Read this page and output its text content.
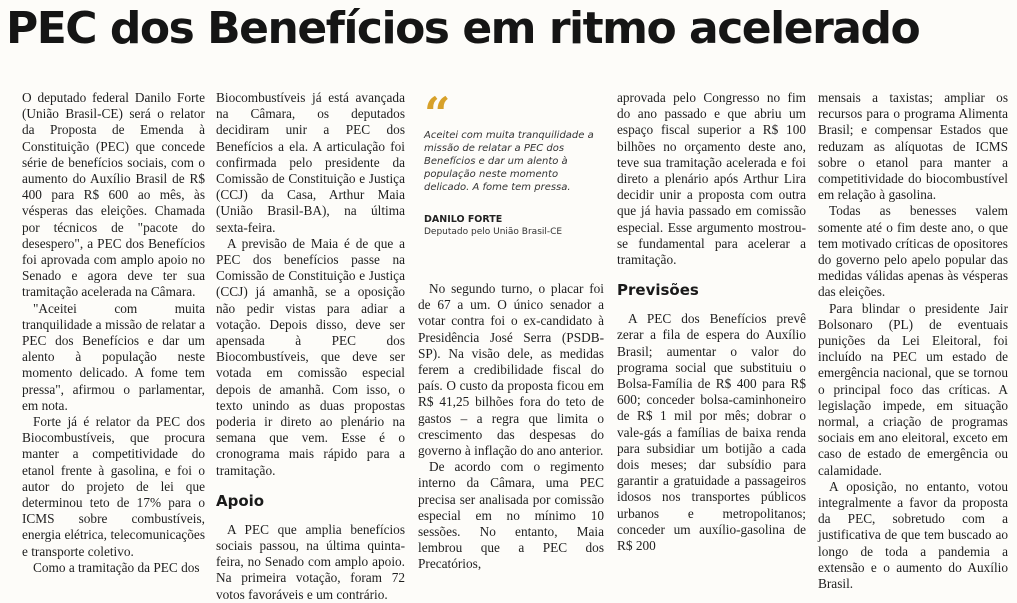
PEC dos Benefícios em ritmo acelerado

O deputado federal Danilo Forte (União Brasil-CE) será o relator da Proposta de Emenda à Constituição (PEC) que concede série de benefícios sociais, com o aumento do Auxílio Brasil de R$ 400 para R$ 600 ao mês, às vésperas das eleições. Chamada por técnicos de "pacote do desespero", a PEC dos Benefícios foi aprovada com amplo apoio no Senado e agora deve ter sua tramitação acelerada na Câmara.

"Aceitei com muita tranquilidade a missão de relatar a PEC dos Benefícios e dar um alento à população neste momento delicado. A fome tem pressa", afirmou o parlamentar, em nota.

Forte já é relator da PEC dos Biocombustíveis, que procura manter a competitividade do etanol frente à gasolina, e foi o autor do projeto de lei que determinou teto de 17% para o ICMS sobre combustíveis, energia elétrica, telecomunicações e transporte coletivo.

Como a tramitação da PEC dos

Biocombustíveis já está avançada na Câmara, os deputados decidiram unir a PEC dos Benefícios a ela. A articulação foi confirmada pelo presidente da Comissão de Constituição e Justiça (CCJ) da Casa, Arthur Maia (União Brasil-BA), na última sexta-feira.

A previsão de Maia é de que a PEC dos benefícios passe na Comissão de Constituição e Justiça (CCJ) já amanhã, se a oposição não pedir vistas para adiar a votação. Depois disso, deve ser apensada à PEC dos Biocombustíveis, que deve ser votada em comissão especial depois de amanhã. Com isso, o texto unindo as duas propostas poderia ir direto ao plenário na semana que vem. Esse é o cronograma mais rápido para a tramitação.

Apoio

A PEC que amplia benefícios sociais passou, na última quinta-feira, no Senado com amplo apoio. Na primeira votação, foram 72 votos favoráveis e um contrário.

“
Aceitei com muita tranquilidade a missão de relatar a PEC dos Benefícios e dar um alento à população neste momento delicado. A fome tem pressa.
DANILO FORTE
Deputado pelo União Brasil-CE

No segundo turno, o placar foi de 67 a um. O único senador a votar contra foi o ex-candidato à Presidência José Serra (PSDB-SP). Na visão dele, as medidas ferem a credibilidade fiscal do país. O custo da proposta ficou em R$ 41,25 bilhões fora do teto de gastos – a regra que limita o crescimento das despesas do governo à inflação do ano anterior.

De acordo com o regimento interno da Câmara, uma PEC precisa ser analisada por comissão especial em no mínimo 10 sessões. No entanto, Maia lembrou que a PEC dos Precatórios,

aprovada pelo Congresso no fim do ano passado e que abriu um espaço fiscal superior a R$ 100 bilhões no orçamento deste ano, teve sua tramitação acelerada e foi direto a plenário após Arthur Lira decidir unir a proposta com outra que já havia passado em comissão especial. Esse argumento mostrou-se fundamental para acelerar a tramitação.

Previsões

A PEC dos Benefícios prevê zerar a fila de espera do Auxílio Brasil; aumentar o valor do programa social que substituiu o Bolsa-Família de R$ 400 para R$ 600; conceder bolsa-caminhoneiro de R$ 1 mil por mês; dobrar o vale-gás a famílias de baixa renda para subsidiar um botijão a cada dois meses; dar subsídio para garantir a gratuidade a passageiros idosos nos transportes públicos urbanos e metropolitanos; conceder um auxílio-gasolina de R$ 200

mensais a taxistas; ampliar os recursos para o programa Alimenta Brasil; e compensar Estados que reduzam as alíquotas de ICMS sobre o etanol para manter a competitividade do biocombustível em relação à gasolina.

Todas as benesses valem somente até o fim deste ano, o que tem motivado críticas de opositores do governo pelo apelo popular das medidas válidas apenas às vésperas das eleições.

Para blindar o presidente Jair Bolsonaro (PL) de eventuais punições da Lei Eleitoral, foi incluído na PEC um estado de emergência nacional, que se tornou o principal foco das críticas. A legislação impede, em situação normal, a criação de programas sociais em ano eleitoral, exceto em caso de estado de emergência ou calamidade.

A oposição, no entanto, votou integralmente a favor da proposta da PEC, sobretudo com a justificativa de que tem buscado ao longo de toda a pandemia a extensão e o aumento do Auxílio Brasil.
